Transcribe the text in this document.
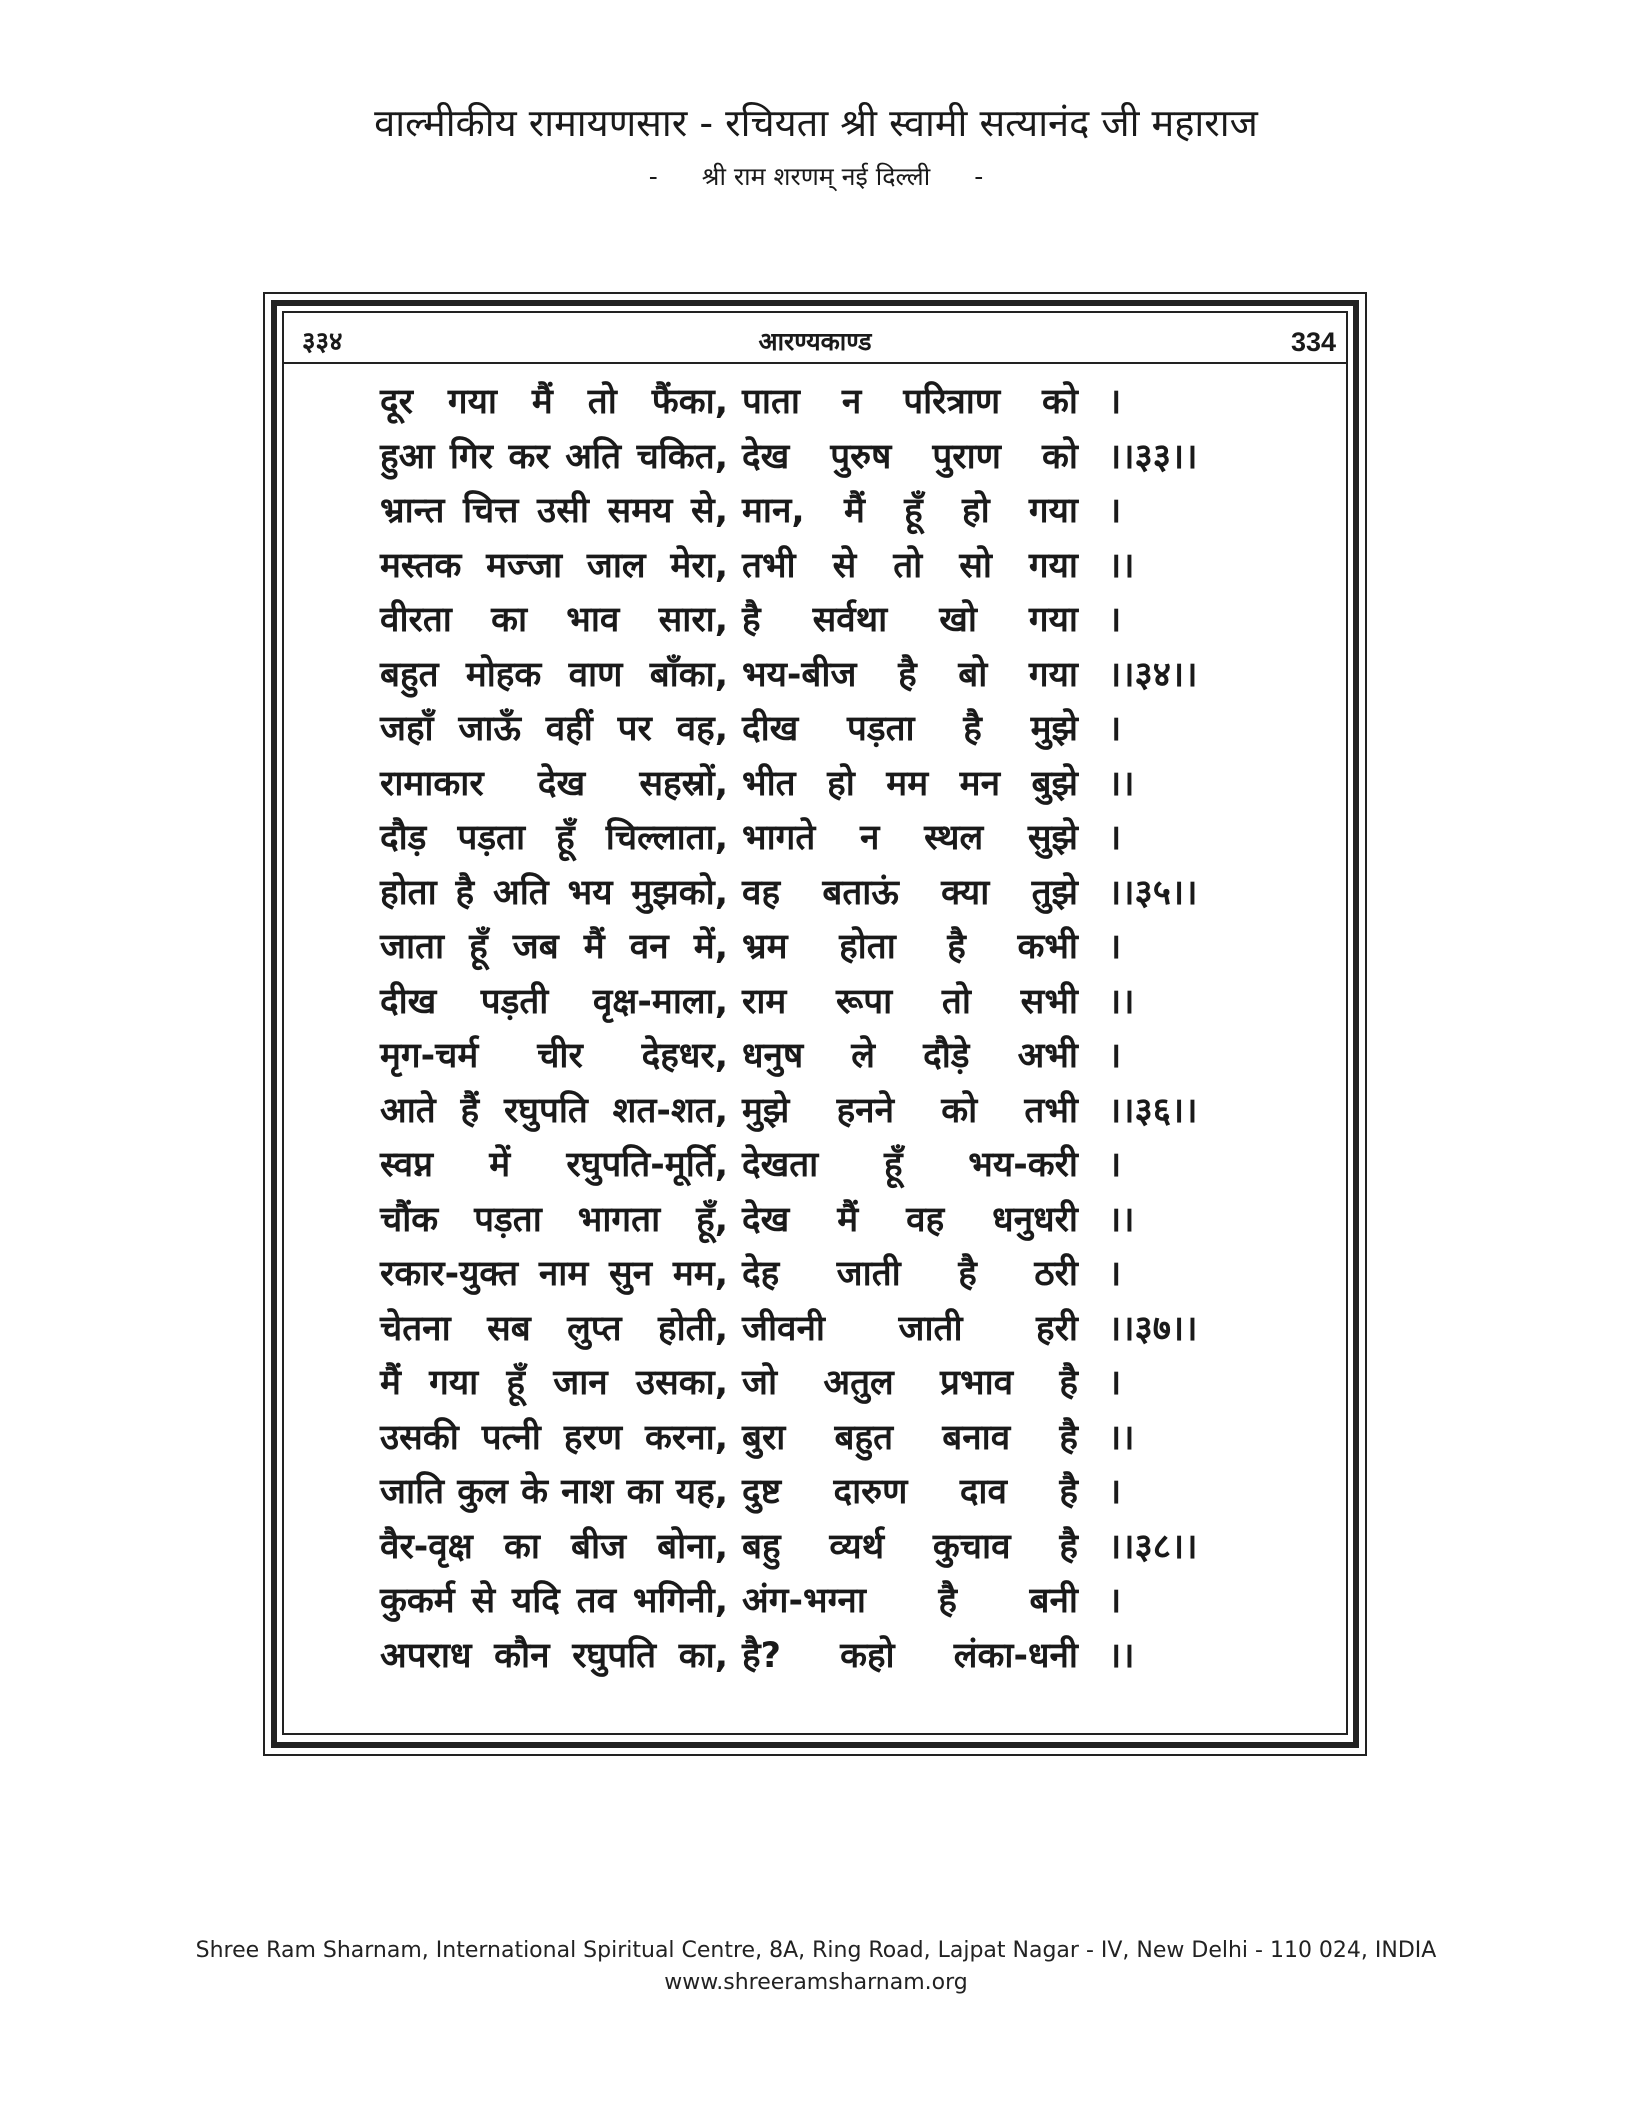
वाल्मीकीय रामायणसार - रचियता श्री स्वामी सत्यानंद जी महाराज
- श्री राम शरणम् नई दिल्ली -
३३४	आरण्यकाण्ड	334
दूर गया मैं तो फैंका, पाता न परित्राण को ।
हुआ गिर कर अति चकित, देख पुरुष पुराण को ।।३३।।
भ्रान्त चित्त उसी समय से, मान, मैं हूँ हो गया ।
मस्तक मज्जा जाल मेरा, तभी से तो सो गया ।।
वीरता का भाव सारा, है सर्वथा खो गया ।
बहुत मोहक वाण बाँका, भय-बीज है बो गया ।।३४।।
जहाँ जाऊँ वहीं पर वह, दीख पड़ता है मुझे ।
रामाकार देख सहस्रों, भीत हो मम मन बुझे ।।
दौड़ पड़ता हूँ चिल्लाता, भागते न स्थल सुझे ।
होता है अति भय मुझको, वह बताऊं क्या तुझे ।।३५।।
जाता हूँ जब मैं वन में, भ्रम होता है कभी ।
दीख पड़ती वृक्ष-माला, राम रूपा तो सभी ।।
मृग-चर्म चीर देहधर, धनुष ले दौड़े अभी ।
आते हैं रघुपति शत-शत, मुझे हनने को तभी ।।३६।।
स्वप्न में रघुपति-मूर्ति, देखता हूँ भय-करी ।
चौंक पड़ता भागता हूँ, देख मैं वह धनुधरी ।।
रकार-युक्त नाम सुन मम, देह जाती है ठरी ।
चेतना सब लुप्त होती, जीवनी जाती हरी ।।३७।।
मैं गया हूँ जान उसका, जो अतुल प्रभाव है ।
उसकी पत्नी हरण करना, बुरा बहुत बनाव है ।।
जाति कुल के नाश का यह, दुष्ट दारुण दाव है ।
वैर-वृक्ष का बीज बोना, बहु व्यर्थ कुचाव है ।।३८।।
कुकर्म से यदि तव भगिनी, अंग-भग्ना है बनी ।
अपराध कौन रघुपति का, है? कहो लंका-धनी ।।
Shree Ram Sharnam, International Spiritual Centre, 8A, Ring Road, Lajpat Nagar - IV, New Delhi - 110 024, INDIA
www.shreeramsharnam.org
